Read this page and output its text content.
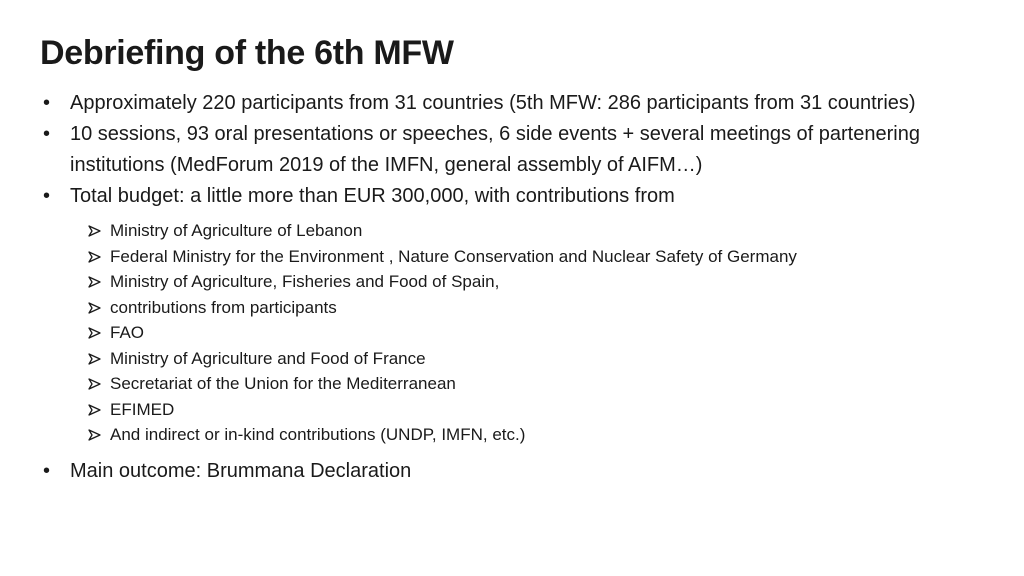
Debriefing of the 6th MFW
• Approximately 220 participants from 31 countries (5th MFW: 286 participants from 31 countries)
• 10 sessions, 93 oral presentations or speeches, 6 side events + several meetings of partenering institutions (MedForum 2019 of the IMFN, general assembly of AIFM…)
• Total budget: a little more than EUR 300,000, with contributions from
Ministry of Agriculture of Lebanon
Federal Ministry for the Environment , Nature Conservation and Nuclear Safety of Germany
Ministry of Agriculture, Fisheries and Food of Spain,
contributions from participants
FAO
Ministry of Agriculture and Food of France
Secretariat of the Union for the Mediterranean
EFIMED
And indirect or in-kind contributions (UNDP, IMFN, etc.)
• Main outcome: Brummana Declaration
